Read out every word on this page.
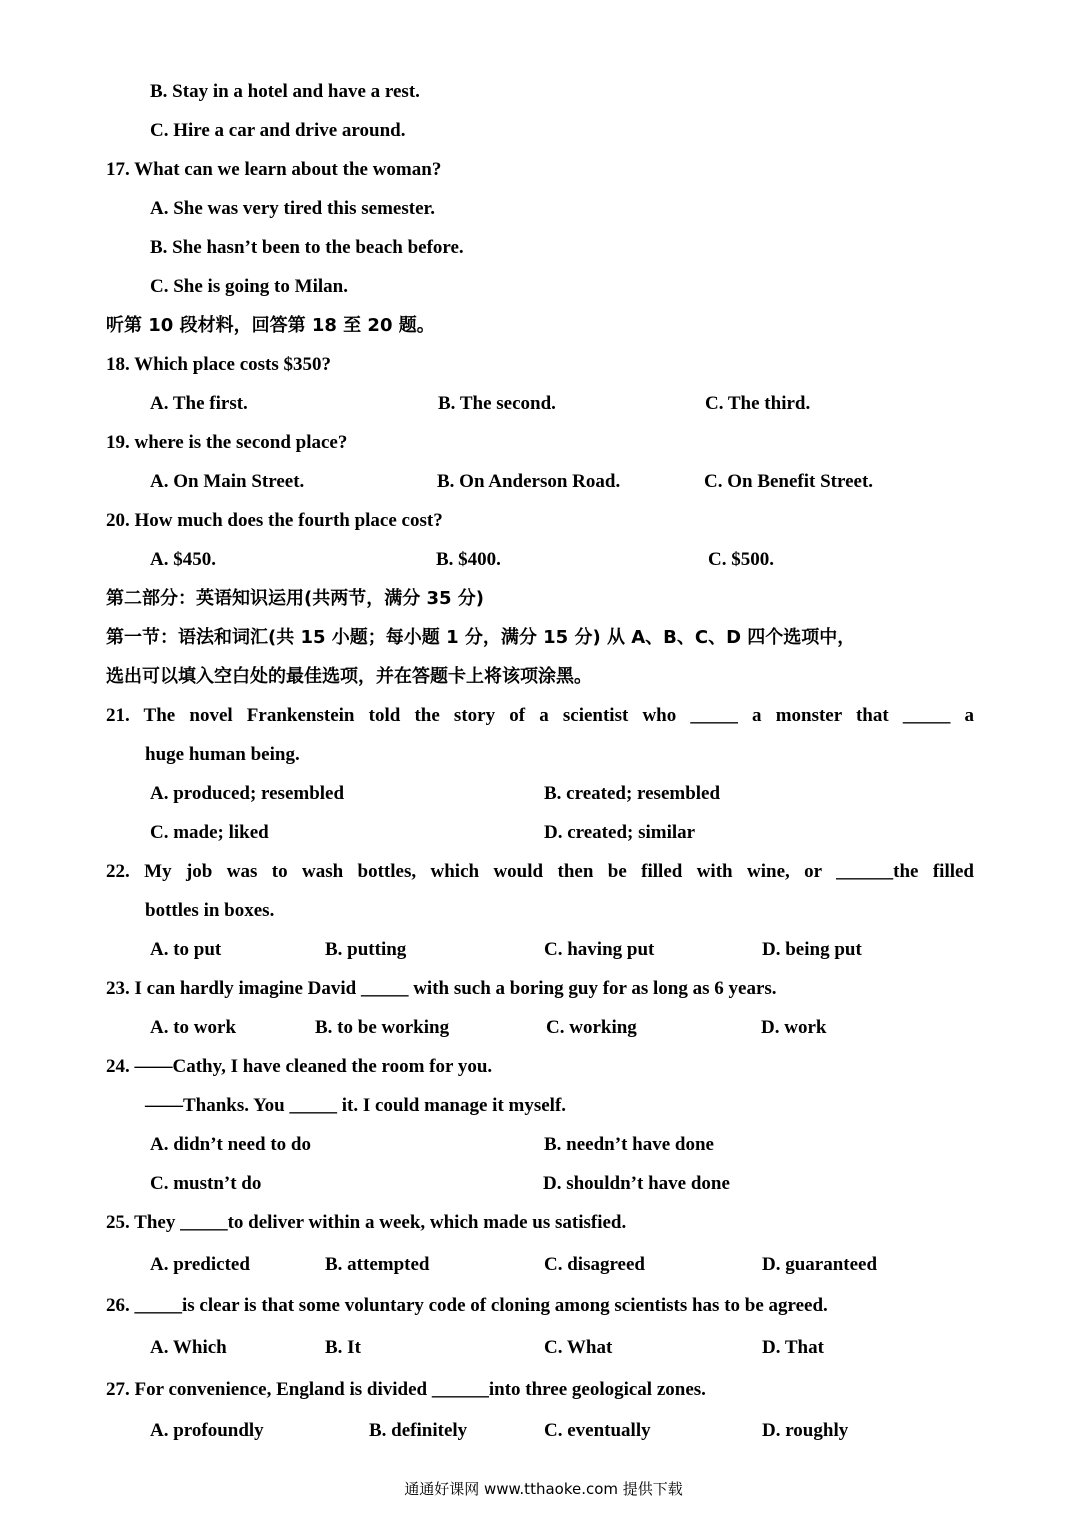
B. Stay in a hotel and have a rest.
C. Hire a car and drive around.
17. What can we learn about the woman?
A. She was very tired this semester.
B. She hasn’t been to the beach before.
C. She is going to Milan.
听第 10 段材料，回答第 18 至 20 题。
18. Which place costs $350?
A. The first.	B. The second.	C. The third.
19. where is the second place?
A. On Main Street.	B. On Anderson Road.	C. On Benefit Street.
20. How much does the fourth place cost?
A. $450.	B. $400.	C. $500.
第二部分：英语知识运用(共两节，满分 35 分)
第一节：语法和词汇(共 15 小题；每小题 1 分，满分 15 分) 从 A、B、C、D 四个选项中，
选出可以填入空白处的最佳选项，并在答题卡上将该项涂黑。
21. The novel Frankenstein told the story of a scientist who _____ a monster that _____ a
huge human being.
A. produced; resembled	B. created; resembled
C. made; liked	D. created; similar
22. My job was to wash bottles, which would then be filled with wine, or ______the filled
bottles in boxes.
A. to put	B. putting	C. having put	D. being put
23. I can hardly imagine David _____ with such a boring guy for as long as 6 years.
A. to work	B. to be working	C. working	D. work
24. ——Cathy, I have cleaned the room for you.
——Thanks. You _____ it. I could manage it myself.
A. didn’t need to do	B. needn’t have done
C. mustn’t do	D. shouldn’t have done
25. They _____to deliver within a week, which made us satisfied.
A. predicted	B. attempted	C. disagreed	D. guaranteed
26. _____is clear is that some voluntary code of cloning among scientists has to be agreed.
A. Which	B. It	C. What	D. That
27. For convenience, England is divided ______into three geological zones.
A. profoundly	B. definitely	C. eventually	D. roughly
通通好课网 www.tthaoke.com 提供下载
